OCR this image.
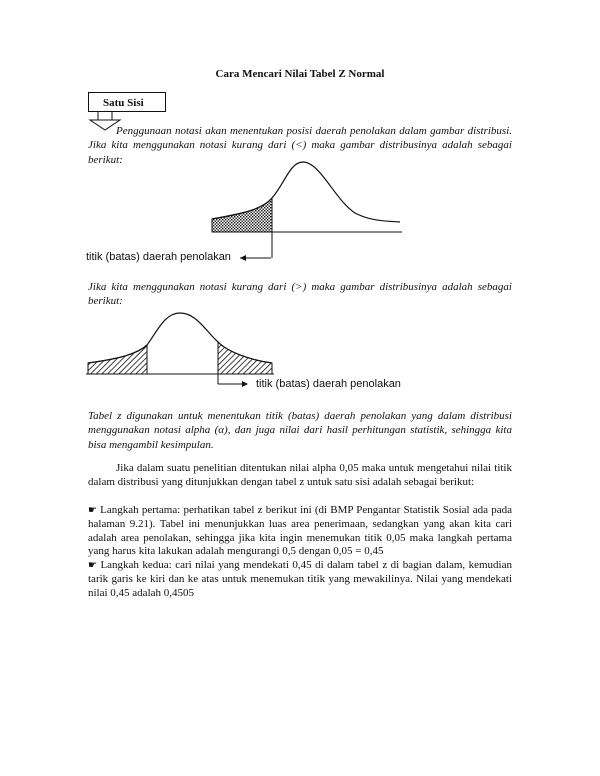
Cara Mencari Nilai Tabel Z Normal
Satu Sisi
Penggunaan notasi akan menentukan posisi daerah penolakan dalam gambar distribusi. Jika kita menggunakan notasi kurang dari (<) maka gambar distribusinya adalah sebagai berikut:
titik (batas) daerah penolakan
Jika kita menggunakan notasi kurang dari (>) maka gambar distribusinya adalah sebagai berikut:
titik (batas) daerah penolakan
Tabel z digunakan untuk menentukan titik (batas) daerah penolakan yang dalam distribusi menggunakan notasi alpha (α), dan juga nilai dari hasil perhitungan statistik, sehingga kita bisa mengambil kesimpulan.
Jika dalam suatu penelitian ditentukan nilai alpha 0,05 maka untuk mengetahui nilai titik dalam distribusi yang ditunjukkan dengan tabel z untuk satu sisi adalah sebagai berikut:
☛ Langkah pertama: perhatikan tabel z berikut ini (di BMP Pengantar Statistik Sosial ada pada halaman 9.21). Tabel ini menunjukkan luas area penerimaan, sedangkan yang akan kita cari adalah area penolakan, sehingga jika kita ingin menemukan titik 0,05 maka langkah pertama yang harus kita lakukan adalah mengurangi 0,5 dengan 0,05 = 0,45
☛ Langkah kedua: cari nilai yang mendekati 0,45 di dalam tabel z di bagian dalam, kemudian tarik garis ke kiri dan ke atas untuk menemukan titik yang mewakilinya. Nilai yang mendekati nilai 0,45 adalah 0,4505
